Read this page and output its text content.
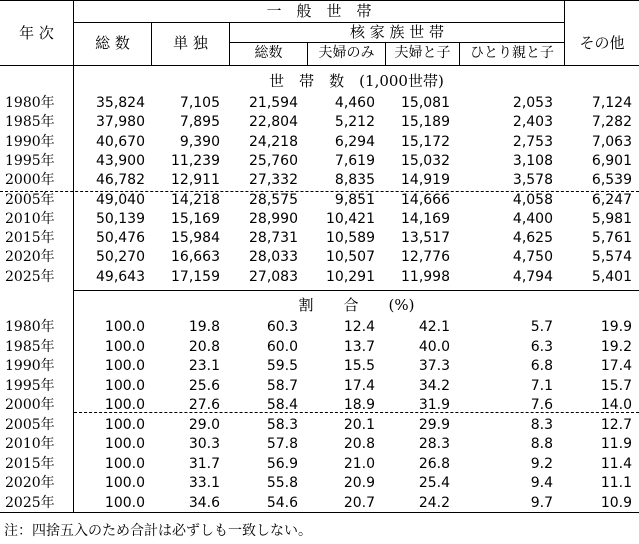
年 次
一　般　世　帯
総 数	単 独
核 家 族 世 帯
総数	夫婦のみ	夫婦と子	ひとり親と子
その他
世　帯　数　(1,000世帯)
割　　合　　(%)
1980年	35,824	7,105	21,594	4,460	15,081	2,053	7,124
1985年	37,980	7,895	22,804	5,212	15,189	2,403	7,282
1990年	40,670	9,390	24,218	6,294	15,172	2,753	7,063
1995年	43,900	11,239	25,760	7,619	15,032	3,108	6,901
2000年	46,782	12,911	27,332	8,835	14,919	3,578	6,539
2005年	49,040	14,218	28,575	9,851	14,666	4,058	6,247
2010年	50,139	15,169	28,990	10,421	14,169	4,400	5,981
2015年	50,476	15,984	28,731	10,589	13,517	4,625	5,761
2020年	50,270	16,663	28,033	10,507	12,776	4,750	5,574
2025年	49,643	17,159	27,083	10,291	11,998	4,794	5,401
1980年	100.0	19.8	60.3	12.4	42.1	5.7	19.9
1985年	100.0	20.8	60.0	13.7	40.0	6.3	19.2
1990年	100.0	23.1	59.5	15.5	37.3	6.8	17.4
1995年	100.0	25.6	58.7	17.4	34.2	7.1	15.7
2000年	100.0	27.6	58.4	18.9	31.9	7.6	14.0
2005年	100.0	29.0	58.3	20.1	29.9	8.3	12.7
2010年	100.0	30.3	57.8	20.8	28.3	8.8	11.9
2015年	100.0	31.7	56.9	21.0	26.8	9.2	11.4
2020年	100.0	33.1	55.8	20.9	25.4	9.4	11.1
2025年	100.0	34.6	54.6	20.7	24.2	9.7	10.9
注：四捨五入のため合計は必ずしも一致しない。
